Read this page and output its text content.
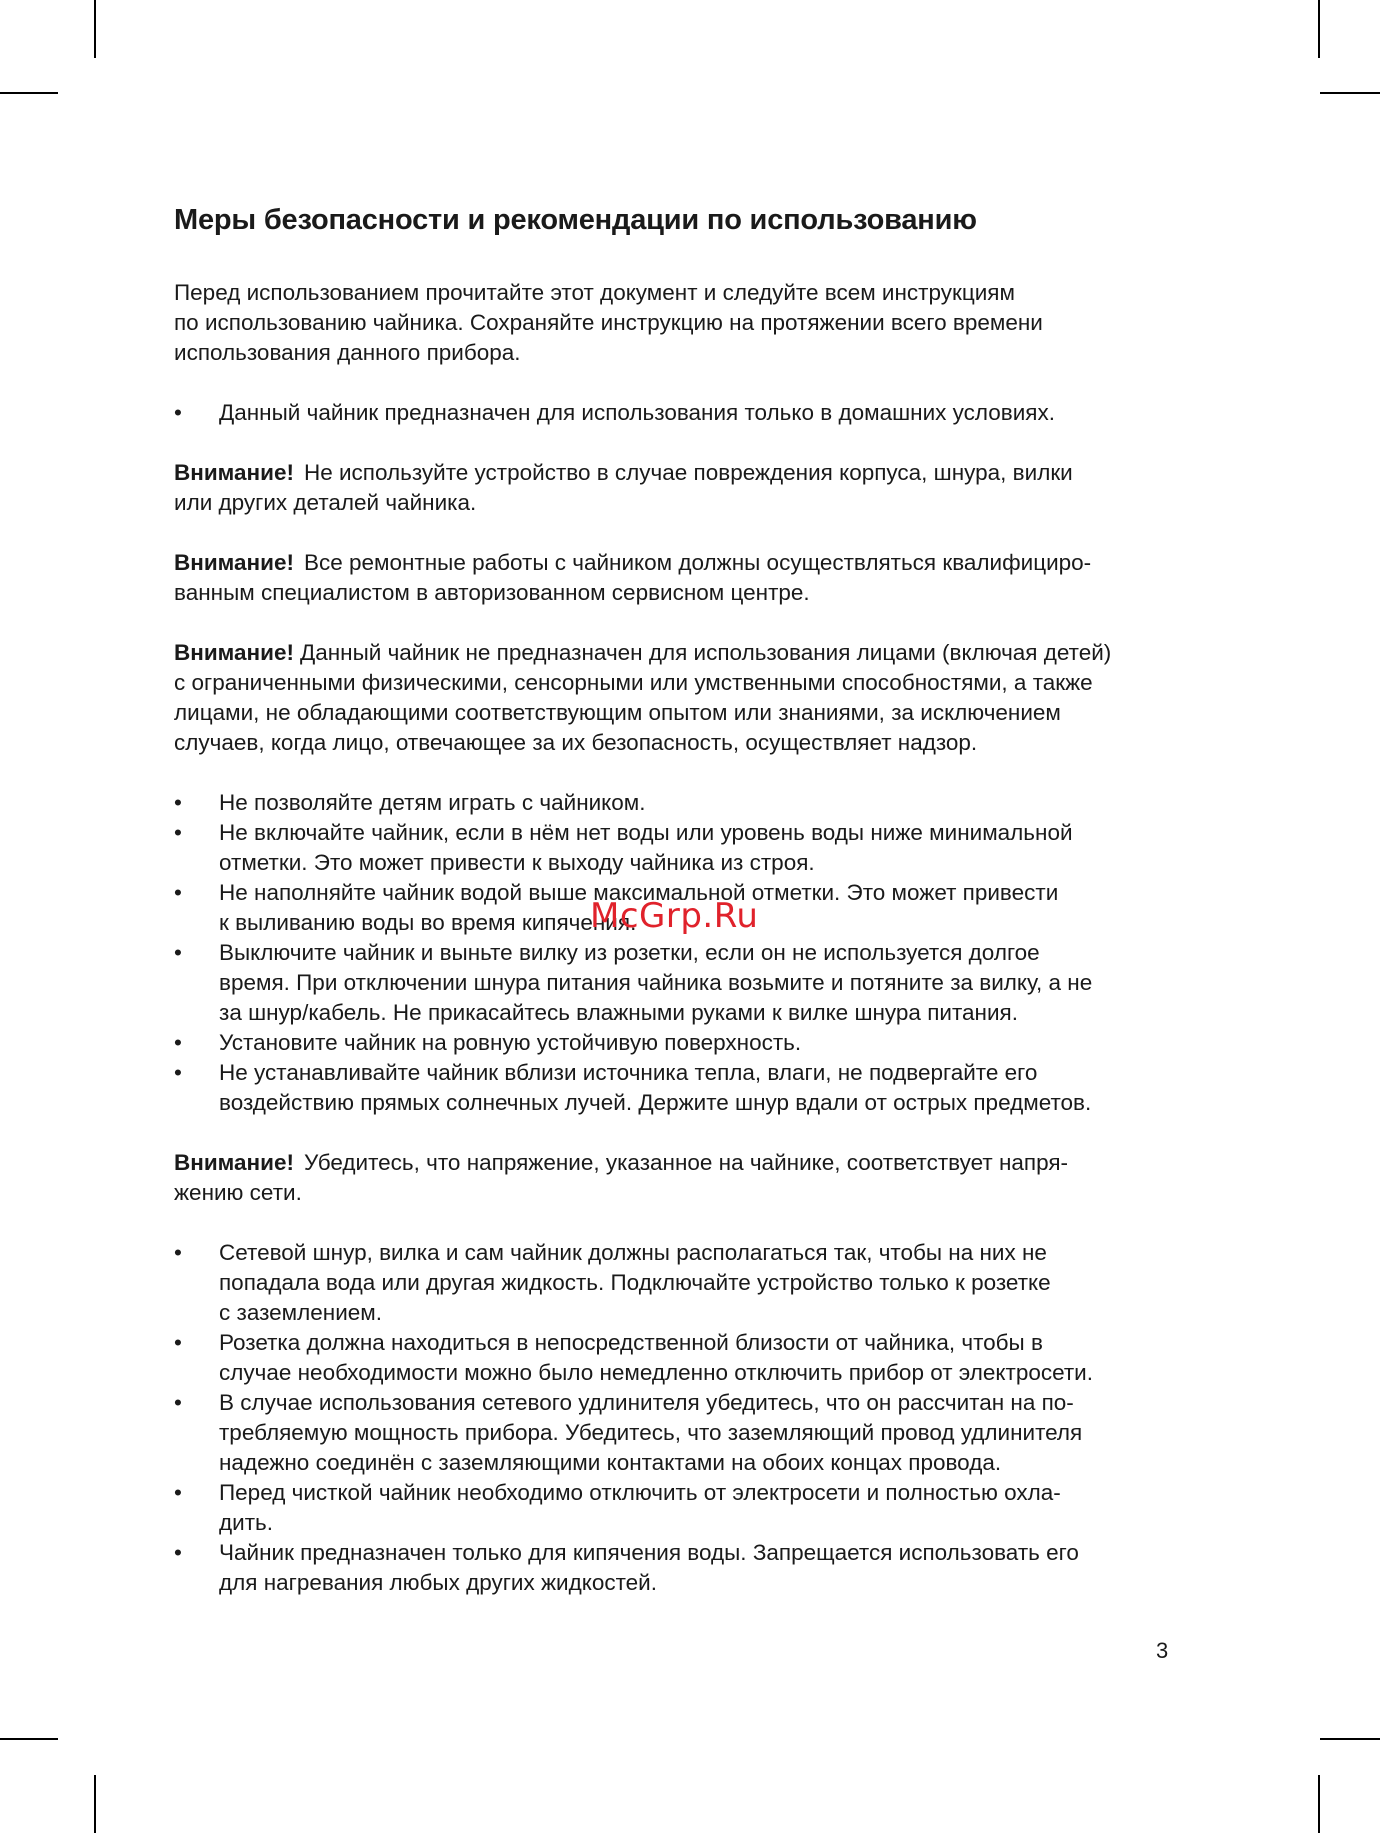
Меры безопасности и рекомендации по использованию

Перед использованием прочитайте этот документ и следуйте всем инструкциям
по использованию чайника. Сохраняйте инструкцию на протяжении всего времени
использования данного прибора.

• Данный чайник предназначен для использования только в домашних условиях.

Внимание! Не используйте устройство в случае повреждения корпуса, шнура, вилки
или других деталей чайника.

Внимание! Все ремонтные работы с чайником должны осуществляться квалифициро-
ванным специалистом в авторизованном сервисном центре.

Внимание! Данный чайник не предназначен для использования лицами (включая детей)
с ограниченными физическими, сенсорными или умственными способностями, а также
лицами, не обладающими соответствующим опытом или знаниями, за исключением
случаев, когда лицо, отвечающее за их безопасность, осуществляет надзор.

• Не позволяйте детям играть с чайником.
• Не включайте чайник, если в нём нет воды или уровень воды ниже минимальной
отметки. Это может привести к выходу чайника из строя.
• Не наполняйте чайник водой выше максимальной отметки. Это может привести
к выливанию воды во время кипячения.
• Выключите чайник и выньте вилку из розетки, если он не используется долгое
время. При отключении шнура питания чайника возьмите и потяните за вилку, а не
за шнур/кабель. Не прикасайтесь влажными руками к вилке шнура питания.
• Установите чайник на ровную устойчивую поверхность.
• Не устанавливайте чайник вблизи источника тепла, влаги, не подвергайте его
воздействию прямых солнечных лучей. Держите шнур вдали от острых предметов.

Внимание! Убедитесь, что напряжение, указанное на чайнике, соответствует напря-
жению сети.

• Сетевой шнур, вилка и сам чайник должны располагаться так, чтобы на них не
попадала вода или другая жидкость. Подключайте устройство только к розетке
с заземлением.
• Розетка должна находиться в непосредственной близости от чайника, чтобы в
случае необходимости можно было немедленно отключить прибор от электросети.
• В случае использования сетевого удлинителя убедитесь, что он рассчитан на по-
требляемую мощность прибора. Убедитесь, что заземляющий провод удлинителя
надежно соединён с заземляющими контактами на обоих концах провода.
• Перед чисткой чайник необходимо отключить от электросети и полностью охла-
дить.
• Чайник предназначен только для кипячения воды. Запрещается использовать его
для нагревания любых других жидкостей.
McGrp.Ru
3
